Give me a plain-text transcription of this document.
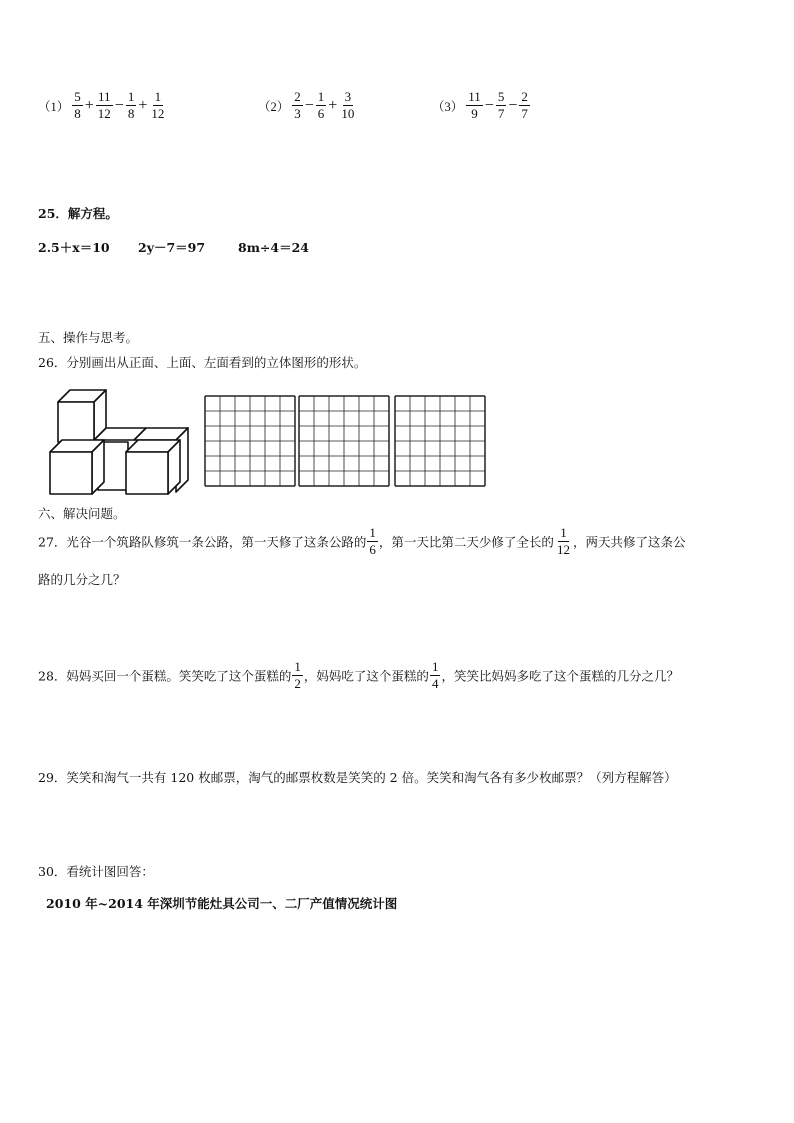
$(1) \frac{5}{8} + \frac{11}{12} - \frac{1}{8} + \frac{1}{12}$	$(2) \frac{2}{3} - \frac{1}{6} + \frac{3}{10}$	$(3) \frac{11}{9} - \frac{5}{7} - \frac{2}{7}$
25．解方程。
2.5＋x＝10 2y－7＝97	8m÷4＝24
五、操作与思考。
26．分别画出从正面、上面、左面看到的立体图形的形状。
六、解决问题。
27．光谷一个筑路队修筑一条公路，第一天修了这条公路的 $\frac{1}{6}$ ，第一天比第二天少修了全长的 $\frac{1}{12}$ ，两天共修了这条公
路的几分之几？
28．妈妈买回一个蛋糕。笑笑吃了这个蛋糕的 $\frac{1}{2}$ ，妈妈吃了这个蛋糕的 $\frac{1}{4}$ ，笑笑比妈妈多吃了这个蛋糕的几分之几？
29．笑笑和淘气一共有 120 枚邮票，淘气的邮票枚数是笑笑的 2 倍。笑笑和淘气各有多少枚邮票？（列方程解答）
30．看统计图回答：
2010 年~2014 年深圳节能灶具公司一、二厂产值情况统计图
